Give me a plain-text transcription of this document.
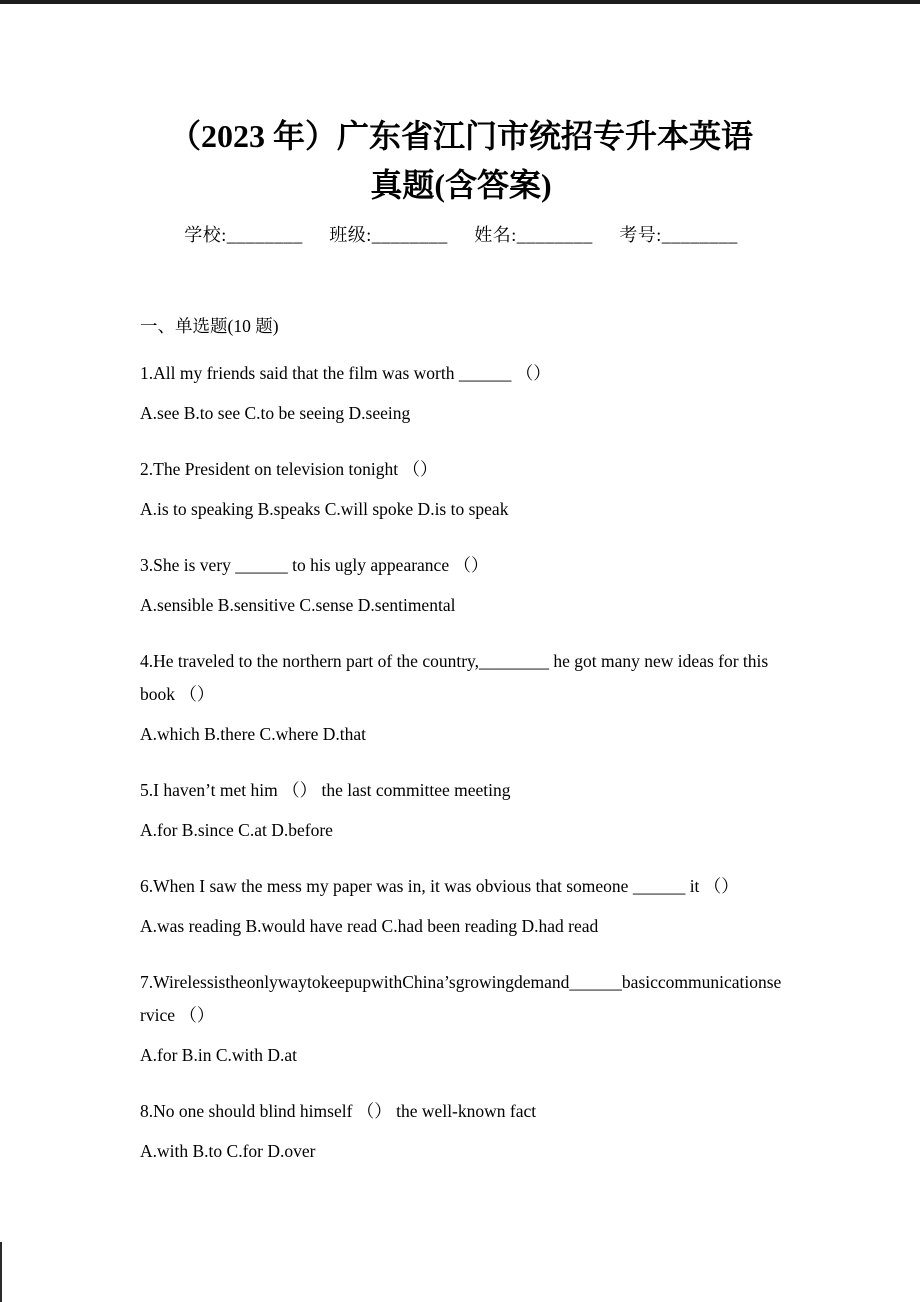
（2023 年）广东省江门市统招专升本英语
真题(含答案)
学校:________ 班级:________ 姓名:________ 考号:________
一、单选题(10 题)

1.All my friends said that the film was worth ______ （）

A.see B.to see C.to be seeing D.seeing

2.The President on television tonight （）

A.is to speaking B.speaks C.will spoke D.is to speak

3.She is very ______ to his ugly appearance （）

A.sensible B.sensitive C.sense D.sentimental

4.He traveled to the northern part of the country,________ he got many new ideas for this book （）

A.which B.there C.where D.that

5.I haven’t met him （） the last committee meeting

A.for B.since C.at D.before

6.When I saw the mess my paper was in, it was obvious that someone ______ it （）

A.was reading B.would have read C.had been reading D.had read

7.WirelessistheonlywaytokeepupwithChina’sgrowingdemand______basiccommunicationservice （）

A.for B.in C.with D.at

8.No one should blind himself （） the well-known fact

A.with B.to C.for D.over
